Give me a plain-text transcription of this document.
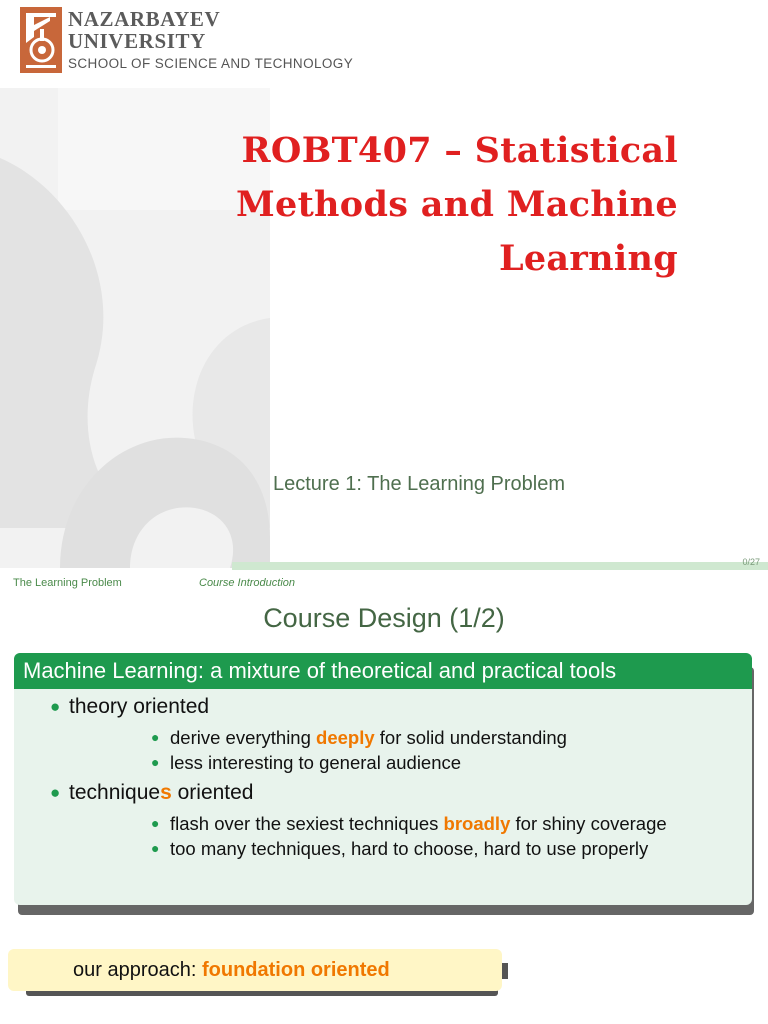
NAZARBAYEV
UNIVERSITY
SCHOOL OF SCIENCE AND TECHNOLOGY
ROBT407 – Statistical
Methods and Machine
Learning
Lecture 1: The Learning Problem
0/27
The Learning Problem	Course Introduction
Course Design (1/2)
Machine Learning: a mixture of theoretical and practical tools
● theory oriented
● derive everything deeply for solid understanding
● less interesting to general audience
● techniques oriented
● flash over the sexiest techniques broadly for shiny coverage
● too many techniques, hard to choose, hard to use properly
our approach: foundation oriented
